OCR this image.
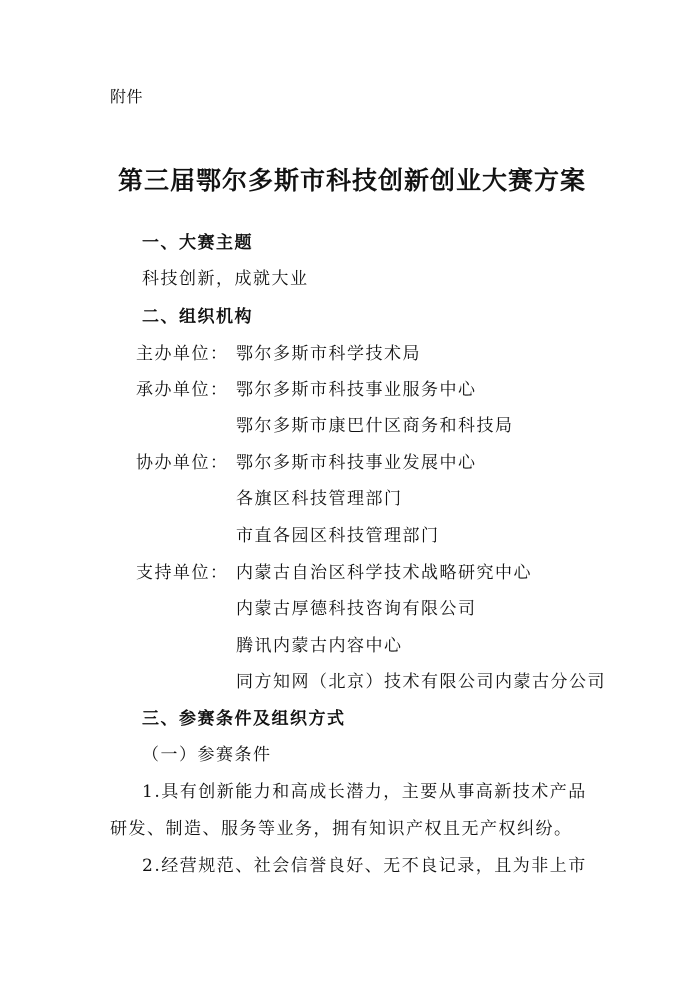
附件
第三届鄂尔多斯市科技创新创业大赛方案
一、大赛主题
科技创新，成就大业
二、组织机构
主办单位： 鄂尔多斯市科学技术局
承办单位： 鄂尔多斯市科技事业服务中心
鄂尔多斯市康巴什区商务和科技局
协办单位： 鄂尔多斯市科技事业发展中心
各旗区科技管理部门
市直各园区科技管理部门
支持单位： 内蒙古自治区科学技术战略研究中心
内蒙古厚德科技咨询有限公司
腾讯内蒙古内容中心
同方知网（北京）技术有限公司内蒙古分公司
三、参赛条件及组织方式
（一）参赛条件
1.具有创新能力和高成长潜力，主要从事高新技术产品
研发、制造、服务等业务，拥有知识产权且无产权纠纷。
2.经营规范、社会信誉良好、无不良记录，且为非上市
